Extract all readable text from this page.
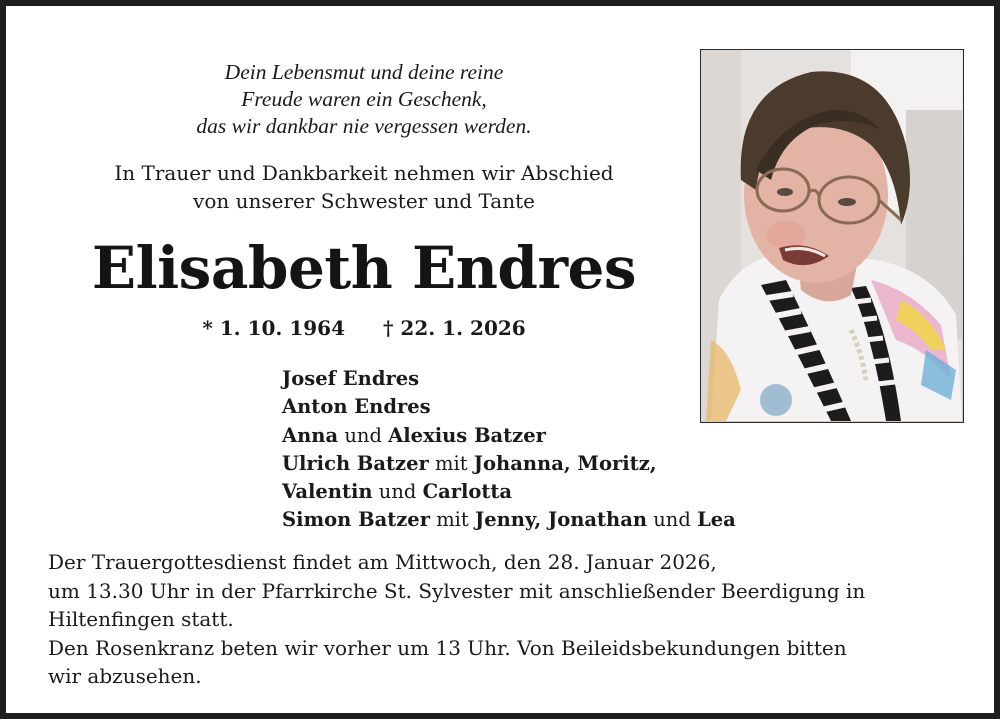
Dein Lebensmut und deine reine
Freude waren ein Geschenk,
das wir dankbar nie vergessen werden.
In Trauer und Dankbarkeit nehmen wir Abschied
von unserer Schwester und Tante
Elisabeth Endres
* 1. 10. 1964 † 22. 1. 2026
Josef Endres
Anton Endres
Anna und Alexius Batzer
Ulrich Batzer mit Johanna, Moritz,
Valentin und Carlotta
Simon Batzer mit Jenny, Jonathan und Lea
Der Trauergottesdienst findet am Mittwoch, den 28. Januar 2026,
um 13.30 Uhr in der Pfarrkirche St. Sylvester mit anschließender Beerdigung in
Hiltenfingen statt.
Den Rosenkranz beten wir vorher um 13 Uhr. Von Beileidsbekundungen bitten
wir abzusehen.
